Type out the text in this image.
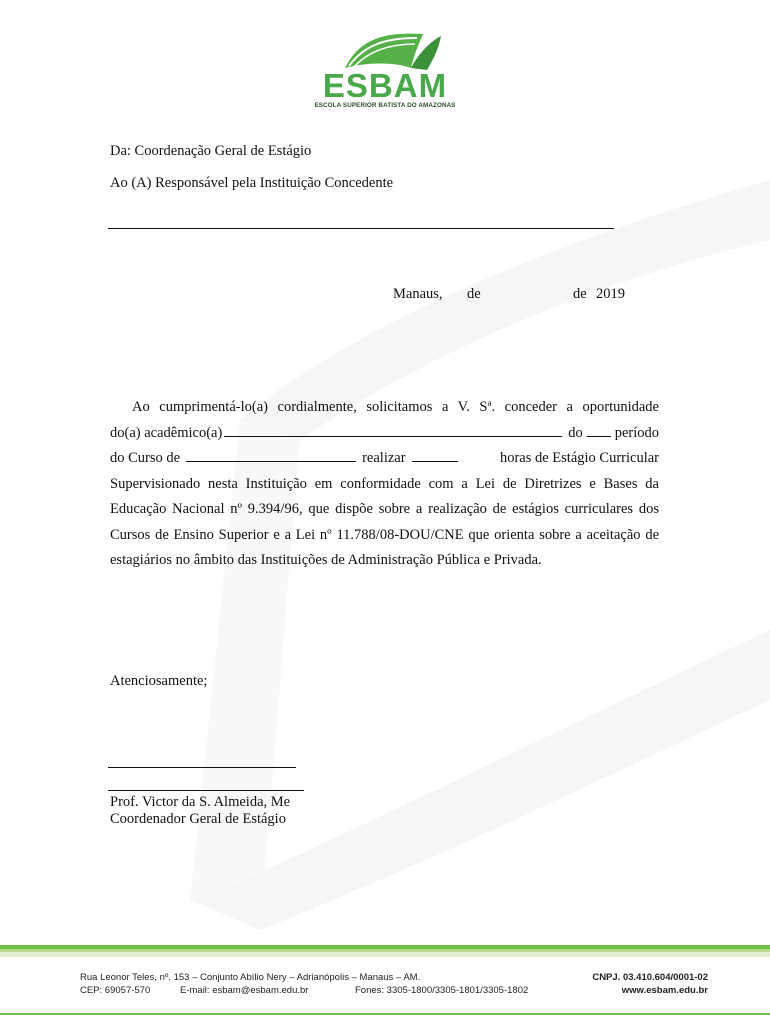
ESBAM
ESCOLA SUPERIOR BATISTA DO AMAZONAS
Da: Coordenação Geral de Estágio
Ao (A) Responsável pela Instituição Concedente
Manaus, de	de 2019
Ao cumprimentá-lo(a) cordialmente, solicitamos a V. Sª. conceder a oportunidade
do(a) acadêmico(a)	do período
do Curso de	realizar	horas de Estágio Curricular
Supervisionado nesta Instituição em conformidade com a Lei de Diretrizes e Bases da Educação Nacional nº 9.394/96, que dispõe sobre a realização de estágios curriculares dos Cursos de Ensino Superior e a Lei nº 11.788/08-DOU/CNE que orienta sobre a aceitação de estagiários no âmbito das Instituições de Administração Pública e Privada.
Atenciosamente;
Prof. Victor da S. Almeida, Me
Coordenador Geral de Estágio
Rua Leonor Teles, nº. 153 – Conjunto Abílio Nery – Adrianópolis – Manaus – AM.
CEP: 69057-570	E-mail: esbam@esbam.edu.br	Fones: 3305-1800/3305-1801/3305-1802
CNPJ. 03.410.604/0001-02
www.esbam.edu.br
